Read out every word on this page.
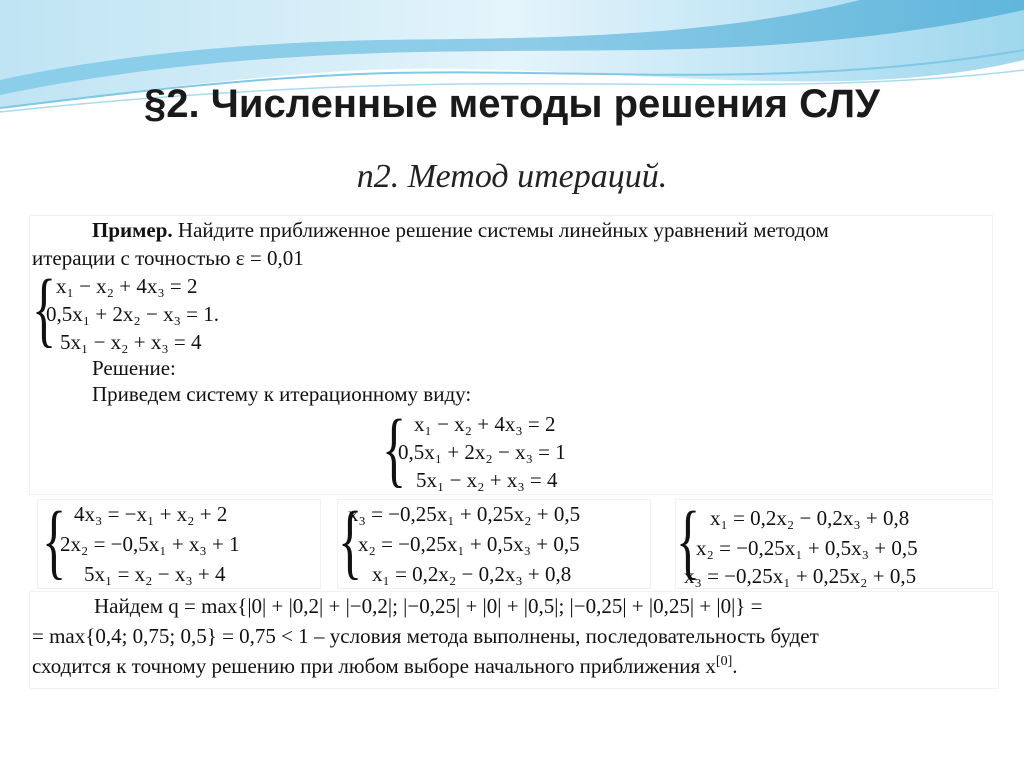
§2. Численные методы решения СЛУ
п2. Метод итераций.
Пример. Найдите приближенное решение системы линейных уравнений методом
итерации с точностью ε = 0,01
{ x₁ − x₂ + 4x₃ = 2
0,5x₁ + 2x₂ − x₃ = 1.
5x₁ − x₂ + x₃ = 4
Решение:
Приведем систему к итерационному виду:
{ x₁ − x₂ + 4x₃ = 2
0,5x₁ + 2x₂ − x₃ = 1
5x₁ − x₂ + x₃ = 4
{ 4x₃ = −x₁ + x₂ + 2
2x₂ = −0,5x₁ + x₃ + 1
5x₁ = x₂ − x₃ + 4 {
x₃ = −0,25x₁ + 0,25x₂ + 0,5
x₂ = −0,25x₁ + 0,5x₃ + 0,5
x₁ = 0,2x₂ − 0,2x₃ + 0,8 { x₁ = 0,2x₂ − 0,2x₃ + 0,8
x₂ = −0,25x₁ + 0,5x₃ + 0,5
x₃ = −0,25x₁ + 0,25x₂ + 0,5
Найдем q = max{|0| + |0,2| + |−0,2|; |−0,25| + |0| + |0,5|; |−0,25| + |0,25| + |0|} =
= max{0,4; 0,75; 0,5} = 0,75 < 1 – условия метода выполнены, последовательность будет
сходится к точному решению при любом выборе начального приближения x[0].
